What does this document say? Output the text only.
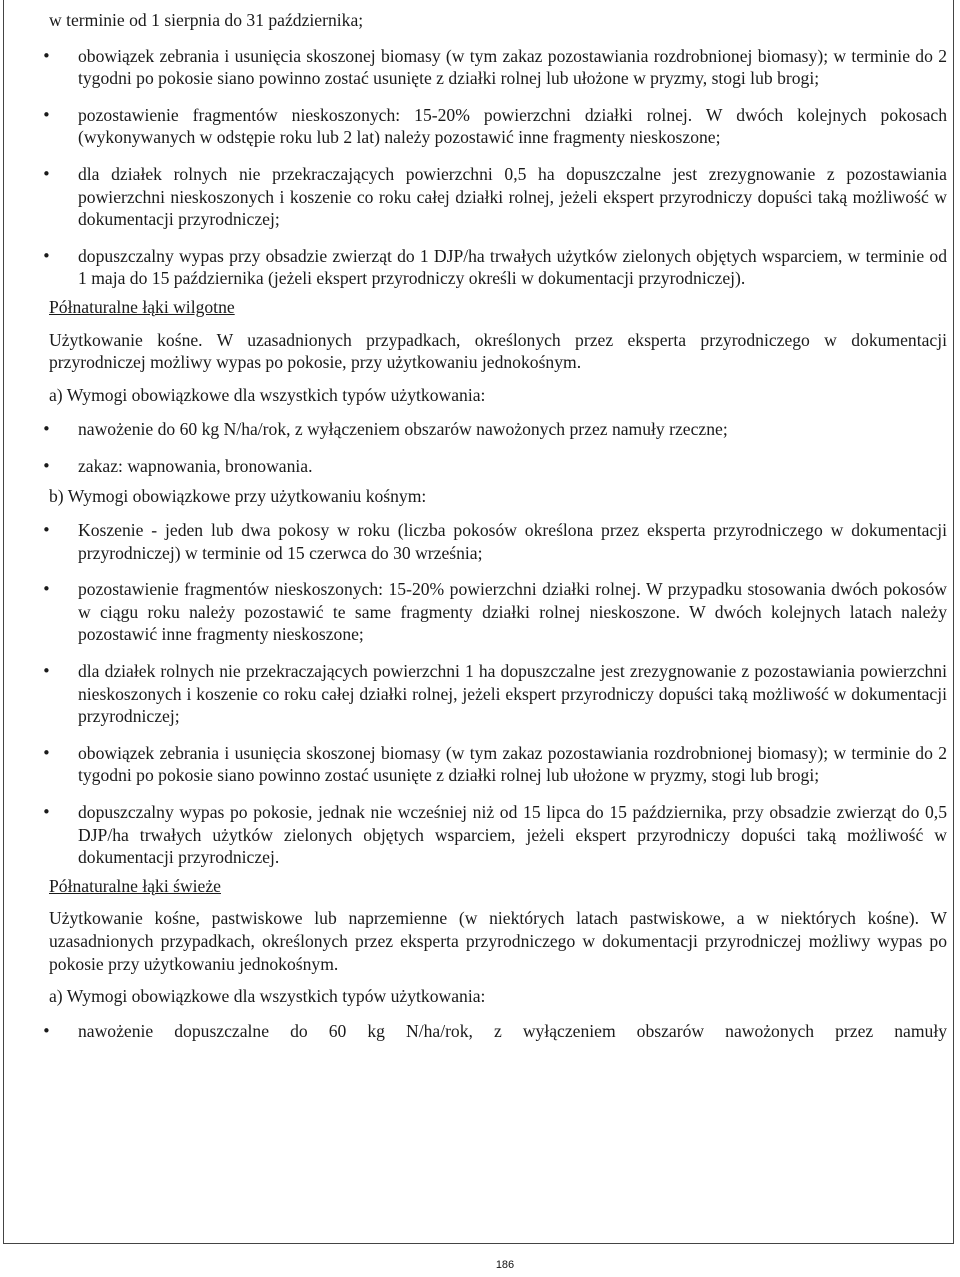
w terminie od 1 sierpnia do 31 października;

• obowiązek zebrania i usunięcia skoszonej biomasy (w tym zakaz pozostawiania rozdrobnionej biomasy); w terminie do 2 tygodni po pokosie siano powinno zostać usunięte z działki rolnej lub ułożone w pryzmy, stogi lub brogi;
• pozostawienie fragmentów nieskoszonych: 15-20% powierzchni działki rolnej. W dwóch kolejnych pokosach (wykonywanych w odstępie roku lub 2 lat) należy pozostawić inne fragmenty nieskoszone;
• dla działek rolnych nie przekraczających powierzchni 0,5 ha dopuszczalne jest zrezygnowanie z pozostawiania powierzchni nieskoszonych i koszenie co roku całej działki rolnej, jeżeli ekspert przyrodniczy dopuści taką możliwość w dokumentacji przyrodniczej;
• dopuszczalny wypas przy obsadzie zwierząt do 1 DJP/ha trwałych użytków zielonych objętych wsparciem, w terminie od 1 maja do 15 października (jeżeli ekspert przyrodniczy określi w dokumentacji przyrodniczej).

Półnaturalne łąki wilgotne

Użytkowanie kośne. W uzasadnionych przypadkach, określonych przez eksperta przyrodniczego w dokumentacji przyrodniczej możliwy wypas po pokosie, przy użytkowaniu jednokośnym.

a) Wymogi obowiązkowe dla wszystkich typów użytkowania:

• nawożenie do 60 kg N/ha/rok, z wyłączeniem obszarów nawożonych przez namuły rzeczne;
• zakaz: wapnowania, bronowania.

b) Wymogi obowiązkowe przy użytkowaniu kośnym:

• Koszenie - jeden lub dwa pokosy w roku (liczba pokosów określona przez eksperta przyrodniczego w dokumentacji przyrodniczej) w terminie od 15 czerwca do 30 września;
• pozostawienie fragmentów nieskoszonych: 15-20% powierzchni działki rolnej. W przypadku stosowania dwóch pokosów w ciągu roku należy pozostawić te same fragmenty działki rolnej nieskoszone. W dwóch kolejnych latach należy pozostawić inne fragmenty nieskoszone;
• dla działek rolnych nie przekraczających powierzchni 1 ha dopuszczalne jest zrezygnowanie z pozostawiania powierzchni nieskoszonych i koszenie co roku całej działki rolnej, jeżeli ekspert przyrodniczy dopuści taką możliwość w dokumentacji przyrodniczej;
• obowiązek zebrania i usunięcia skoszonej biomasy (w tym zakaz pozostawiania rozdrobnionej biomasy); w terminie do 2 tygodni po pokosie siano powinno zostać usunięte z działki rolnej lub ułożone w pryzmy, stogi lub brogi;
• dopuszczalny wypas po pokosie, jednak nie wcześniej niż od 15 lipca do 15 października, przy obsadzie zwierząt do 0,5 DJP/ha trwałych użytków zielonych objętych wsparciem, jeżeli ekspert przyrodniczy dopuści taką możliwość w dokumentacji przyrodniczej.

Półnaturalne łąki świeże

Użytkowanie kośne, pastwiskowe lub naprzemienne (w niektórych latach pastwiskowe, a w niektórych kośne). W uzasadnionych przypadkach, określonych przez eksperta przyrodniczego w dokumentacji przyrodniczej możliwy wypas po pokosie przy użytkowaniu jednokośnym.

a) Wymogi obowiązkowe dla wszystkich typów użytkowania:

• nawożenie dopuszczalne do 60 kg N/ha/rok, z wyłączeniem obszarów nawożonych przez namuły
186
